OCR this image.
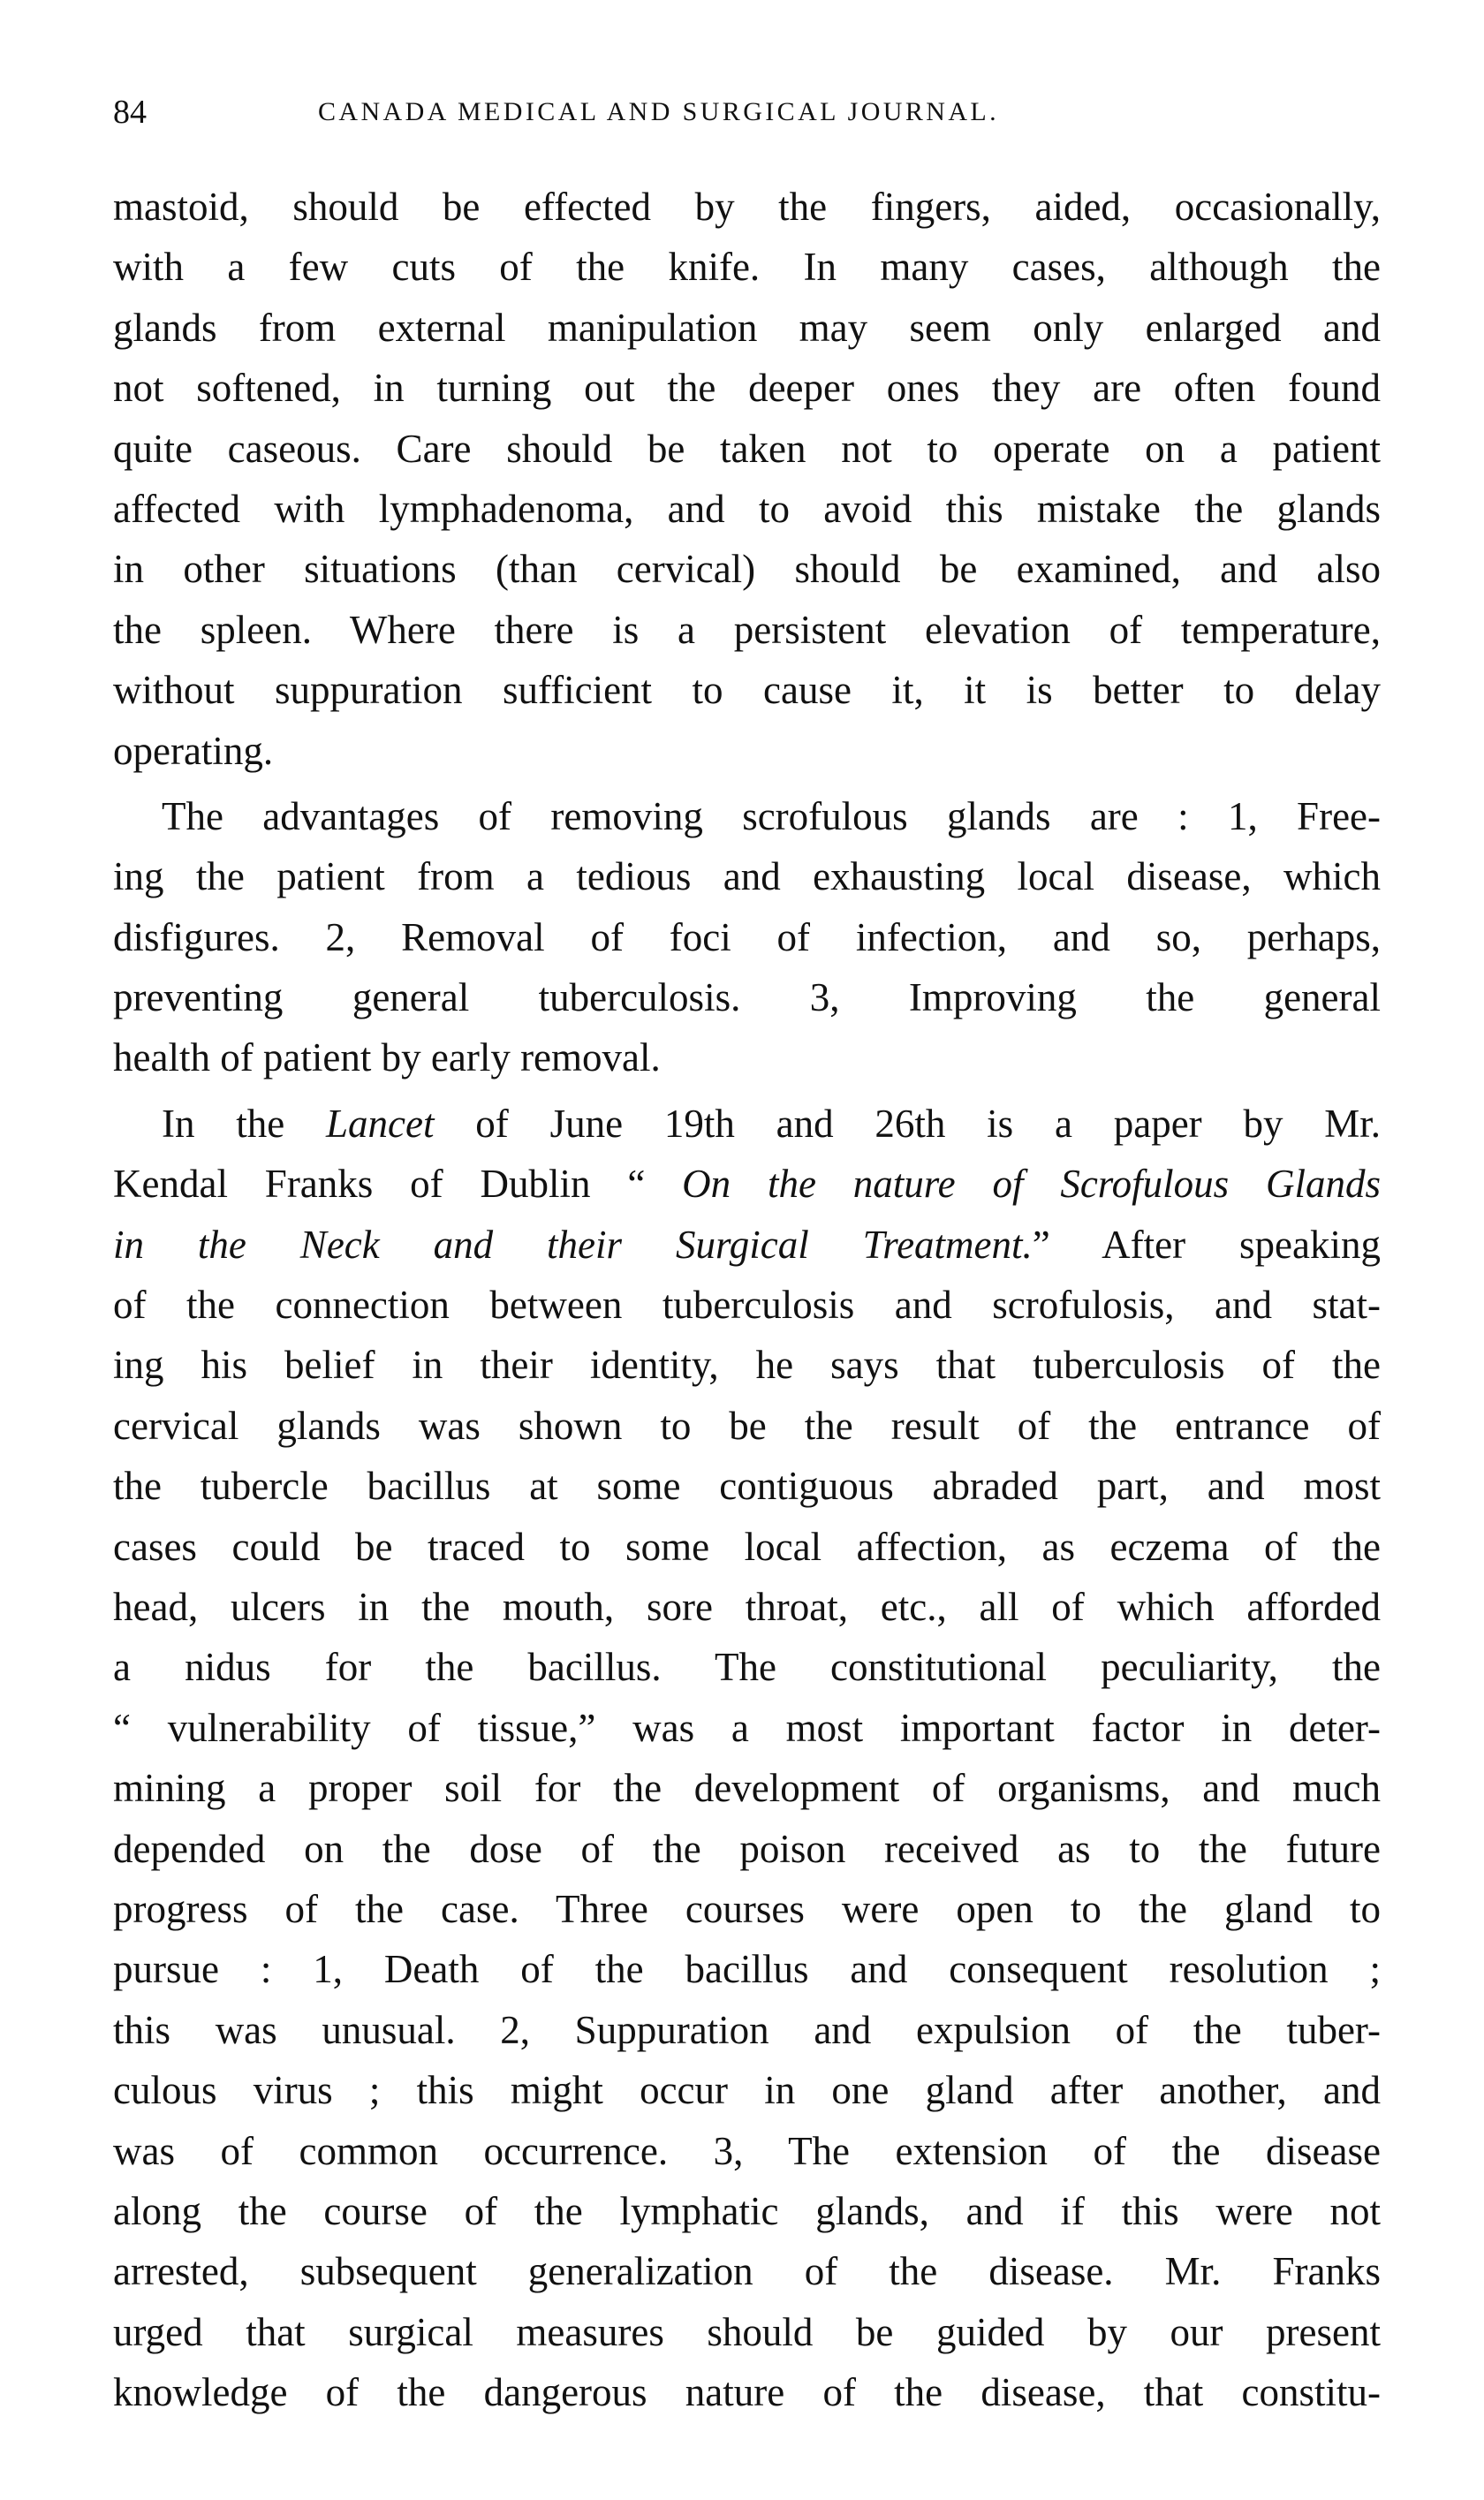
84	CANADA MEDICAL AND SURGICAL JOURNAL.
mastoid, should be effected by the fingers, aided, occasionally,
with a few cuts of the knife. In many cases, although the
glands from external manipulation may seem only enlarged and
not softened, in turning out the deeper ones they are often found
quite caseous. Care should be taken not to operate on a patient
affected with lymphadenoma, and to avoid this mistake the glands
in other situations (than cervical) should be examined, and also
the spleen. Where there is a persistent elevation of temperature,
without suppuration sufficient to cause it, it is better to delay
operating.
The advantages of removing scrofulous glands are : 1, Free-
ing the patient from a tedious and exhausting local disease, which
disfigures. 2, Removal of foci of infection, and so, perhaps,
preventing general tuberculosis. 3, Improving the general
health of patient by early removal.
In the Lancet of June 19th and 26th is a paper by Mr.
Kendal Franks of Dublin “ On the nature of Scrofulous Glands
in the Neck and their Surgical Treatment.” After speaking
of the connection between tuberculosis and scrofulosis, and stat-
ing his belief in their identity, he says that tuberculosis of the
cervical glands was shown to be the result of the entrance of
the tubercle bacillus at some contiguous abraded part, and most
cases could be traced to some local affection, as eczema of the
head, ulcers in the mouth, sore throat, etc., all of which afforded
a nidus for the bacillus. The constitutional peculiarity, the
“ vulnerability of tissue,” was a most important factor in deter-
mining a proper soil for the development of organisms, and much
depended on the dose of the poison received as to the future
progress of the case. Three courses were open to the gland to
pursue : 1, Death of the bacillus and consequent resolution ;
this was unusual. 2, Suppuration and expulsion of the tuber-
culous virus ; this might occur in one gland after another, and
was of common occurrence. 3, The extension of the disease
along the course of the lymphatic glands, and if this were not
arrested, subsequent generalization of the disease. Mr. Franks
urged that surgical measures should be guided by our present
knowledge of the dangerous nature of the disease, that constitu-
